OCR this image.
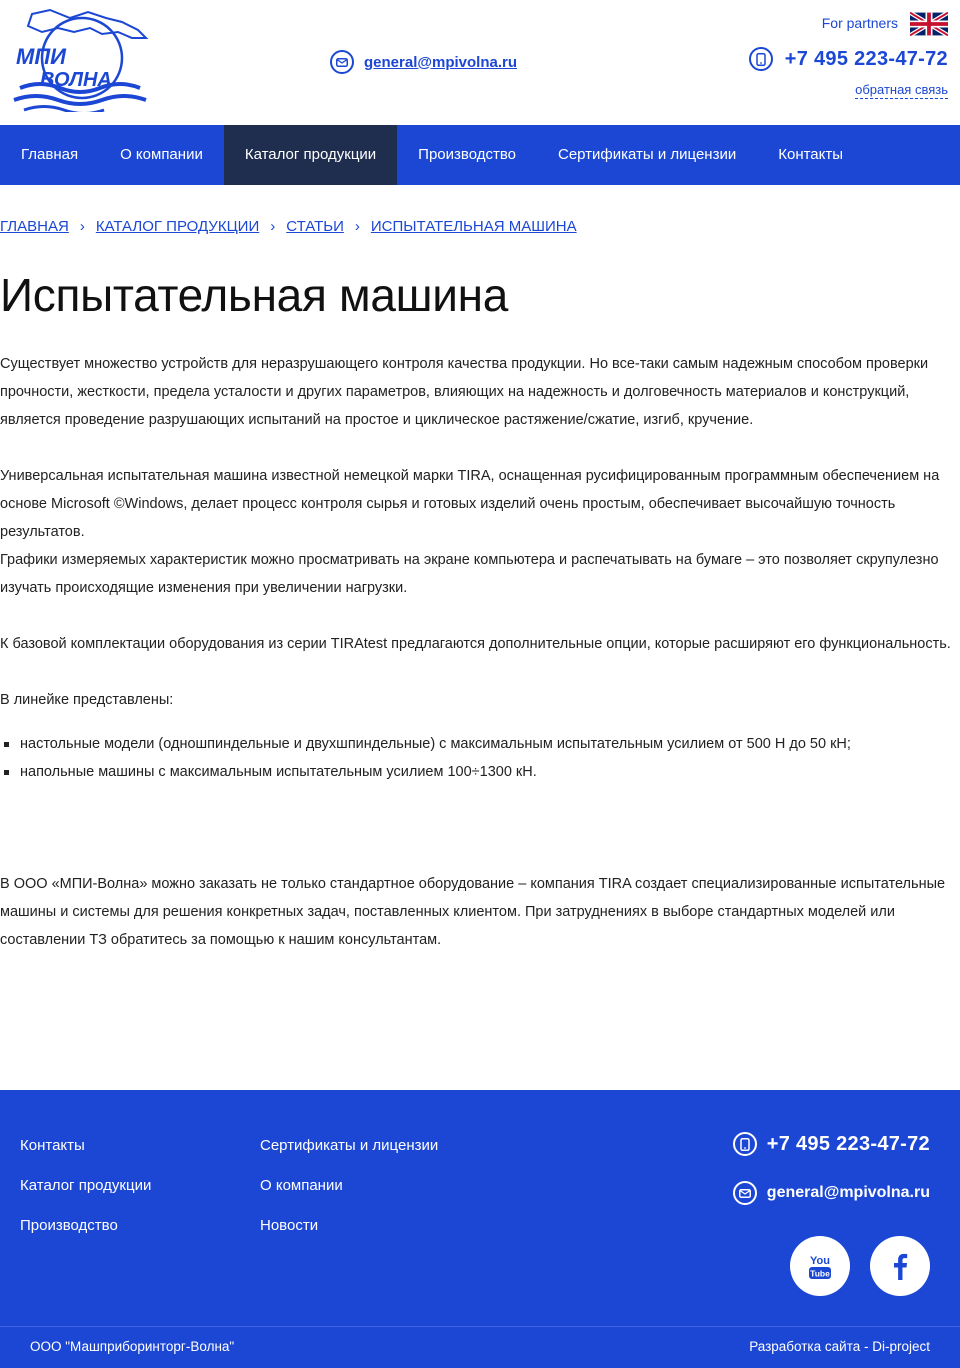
МПИ
ВОЛНА
general@mpivolna.ru
For partners
+7 495 223-47-72
обратная связь
Главная	О компании	Каталог продукции	Производство	Сертификаты и лицензии	Контакты
ГЛАВНАЯ › КАТАЛОГ ПРОДУКЦИИ › СТАТЬИ › ИСПЫТАТЕЛЬНАЯ МАШИНА
Испытательная машина

Существует множество устройств для неразрушающего контроля качества продукции. Но все-таки самым надежным способом проверки прочности, жесткости, предела усталости и других параметров, влияющих на надежность и долговечность материалов и конструкций, является проведение разрушающих испытаний на простое и циклическое растяжение/сжатие, изгиб, кручение.

Универсальная испытательная машина известной немецкой марки TIRA, оснащенная русифицированным программным обеспечением на основе Microsoft ©Windows, делает процесс контроля сырья и готовых изделий очень простым, обеспечивает высочайшую точность результатов.

Графики измеряемых характеристик можно просматривать на экране компьютера и распечатывать на бумаге – это позволяет скрупулезно изучать происходящие изменения при увеличении нагрузки.

К базовой комплектации оборудования из серии TIRAtest предлагаются дополнительные опции, которые расширяют его функциональность.

В линейке представлены:

настольные модели (одношпиндельные и двухшпиндельные) с максимальным испытательным усилием от 500 Н до 50 кН;
напольные машины с максимальным испытательным усилием 100÷1300 кН.

В ООО «МПИ-Волна» можно заказать не только стандартное оборудование – компания TIRA создает специализированные испытательные машины и системы для решения конкретных задач, поставленных клиентом. При затруднениях в выборе стандартных моделей или составлении ТЗ обратитесь за помощью к нашим консультантам.

Контакты
Каталог продукции
Производство
Сертификаты и лицензии
О компании
Новости
+7 495 223-47-72
general@mpivolna.ru
You
Tube
ООО "Машприборинторг-Волна"	Разработка сайта - Di-project
